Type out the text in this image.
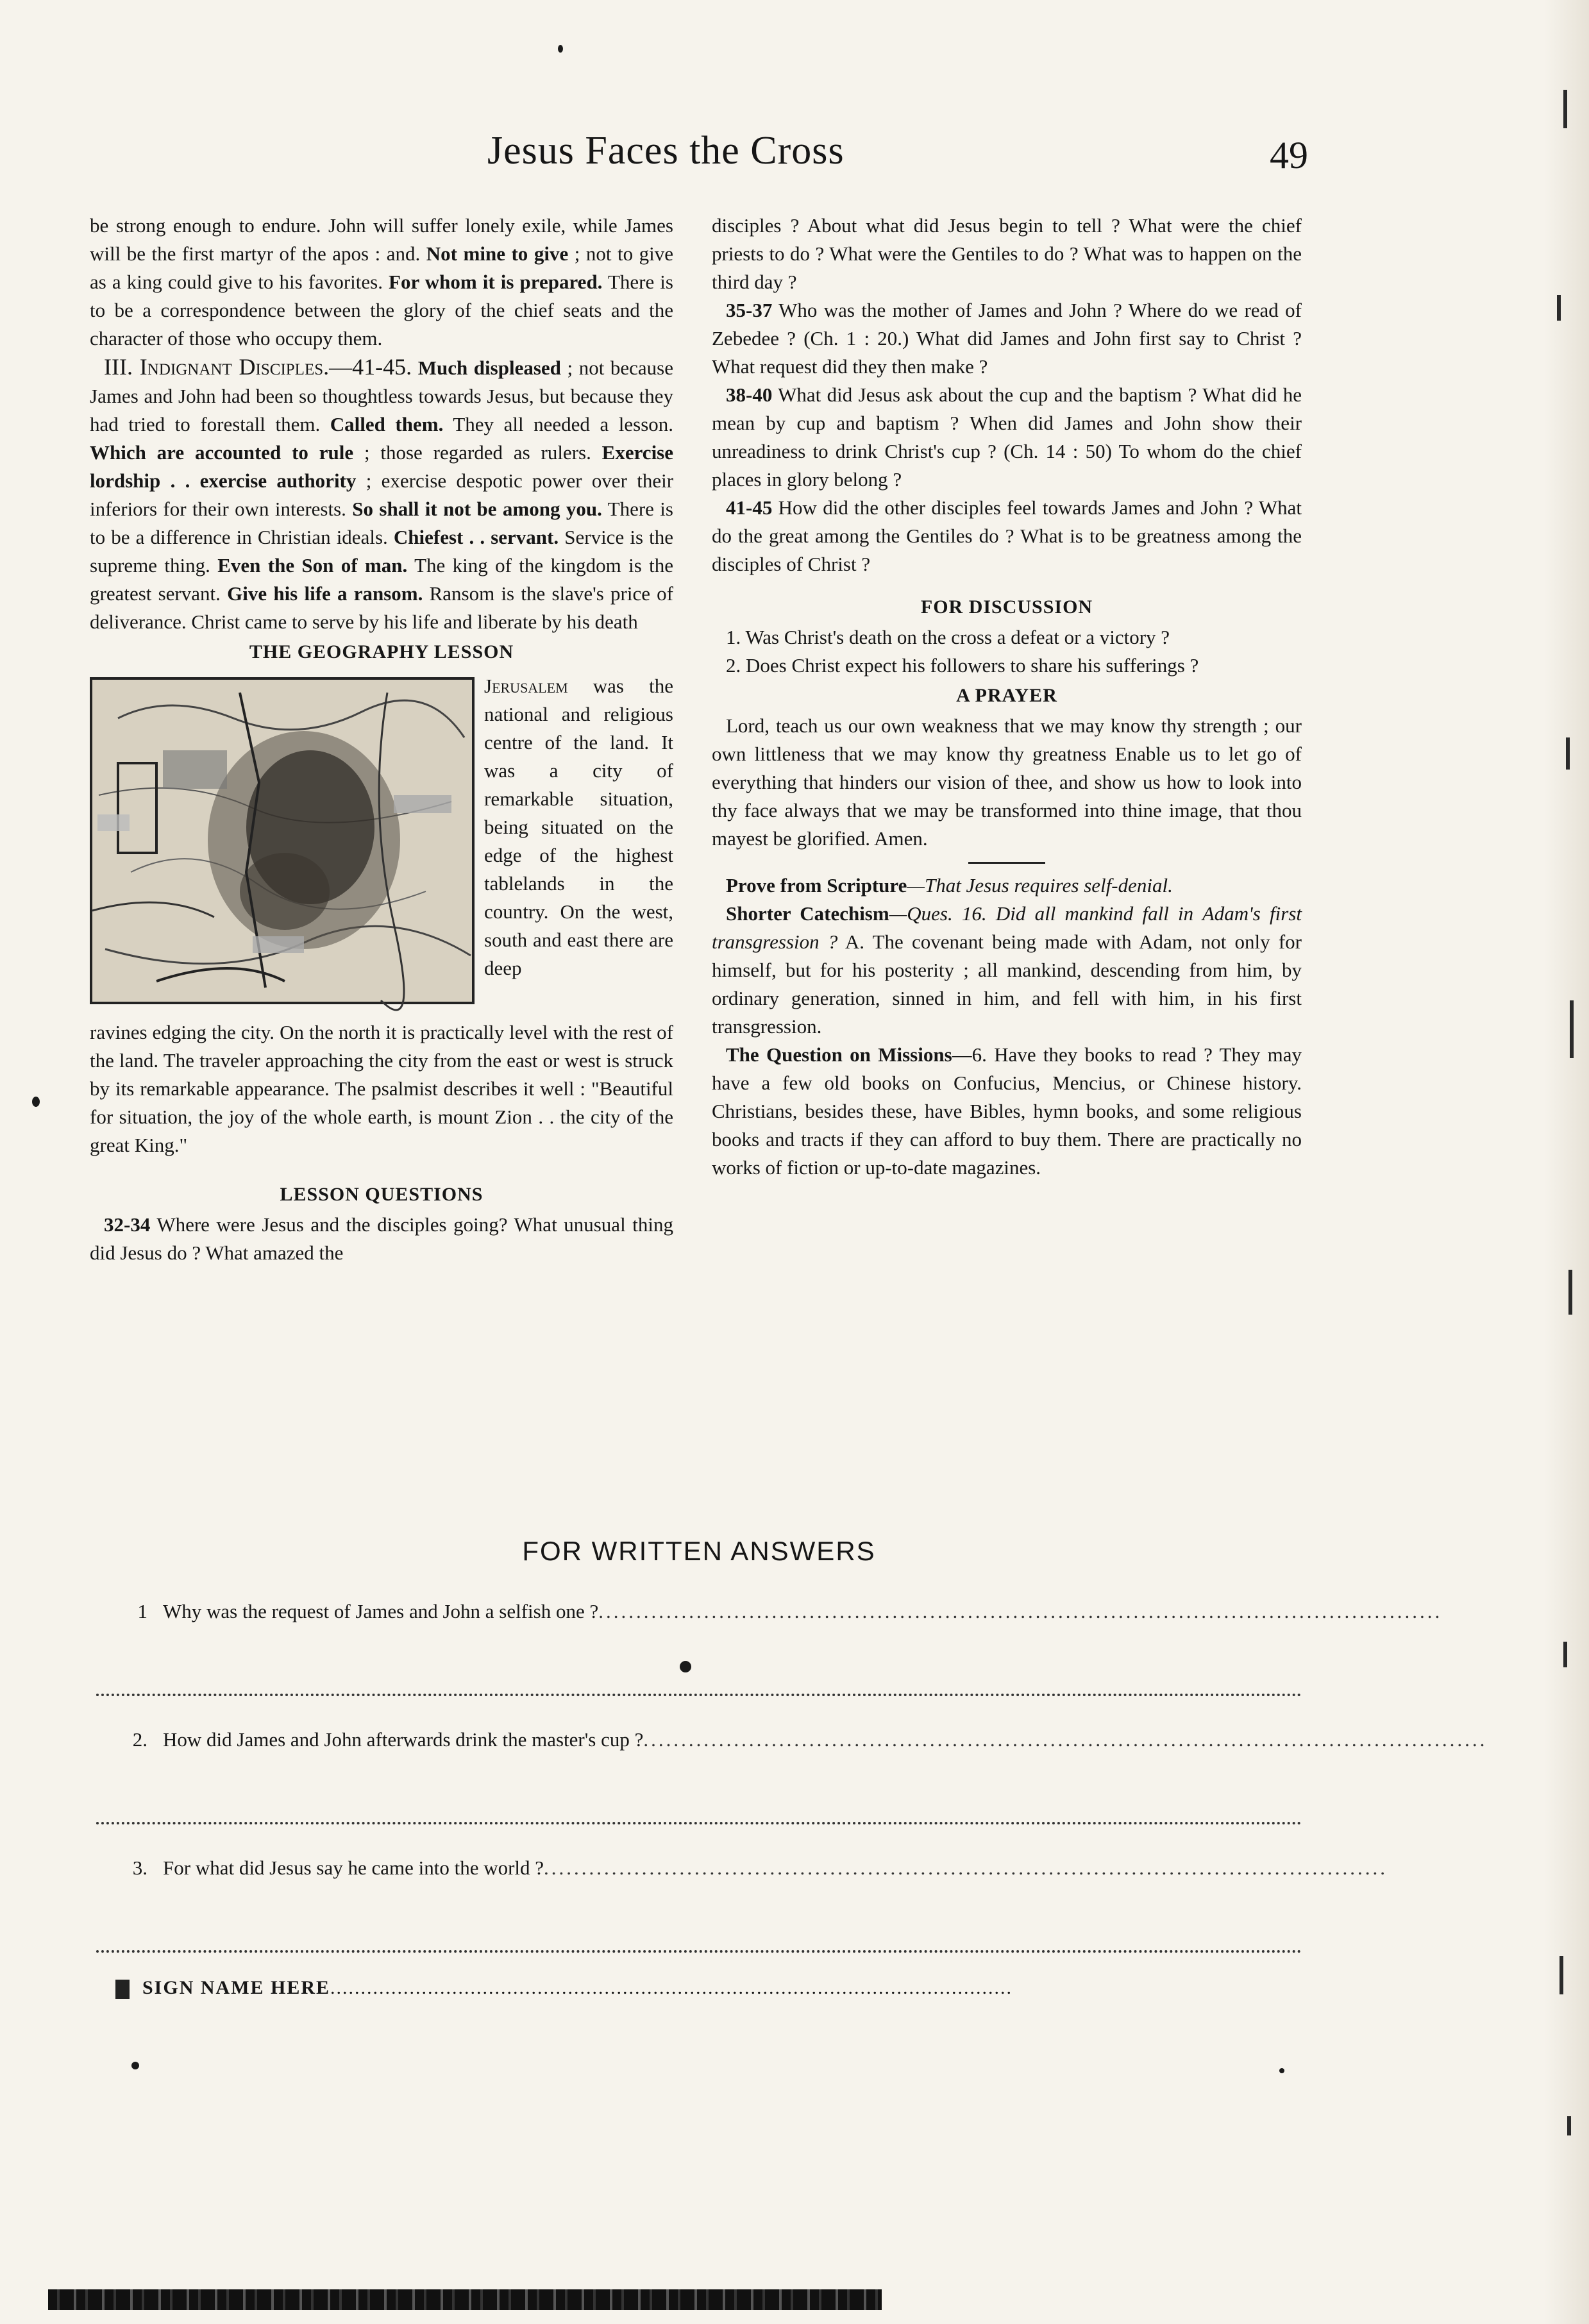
Jesus Faces the Cross	49

be strong enough to endure. John will suffer lonely exile, while James will be the first martyr of the apos : and. Not mine to give ; not to give as a king could give to his favorites. For whom it is prepared. There is to be a correspondence between the glory of the chief seats and the character of those who occupy them.

III. Indignant Disciples.—41-45. Much displeased ; not because James and John had been so thoughtless towards Jesus, but because they had tried to forestall them. Called them. They all needed a lesson. Which are accounted to rule ; those regarded as rulers. Exercise lordship . . exercise authority ; exercise despotic power over their inferiors for their own interests. So shall it not be among you. There is to be a difference in Christian ideals. Chiefest . . servant. Service is the supreme thing. Even the Son of man. The king of the kingdom is the greatest servant. Give his life a ransom. Ransom is the slave's price of deliverance. Christ came to serve by his life and liberate by his death

THE GEOGRAPHY LESSON
Jerusalem was the national and religious centre of the land. It was a city of remarkable situation, being situated on the edge of the highest tablelands in the country. On the west, south and east there are deep

ravines edging the city. On the north it is practically level with the rest of the land. The traveler approaching the city from the east or west is struck by its remarkable appearance. The psalmist describes it well : "Beautiful for situation, the joy of the whole earth, is mount Zion . . the city of the great King."

LESSON QUESTIONS

32-34 Where were Jesus and the disciples going? What unusual thing did Jesus do ? What amazed the

disciples ? About what did Jesus begin to tell ? What were the chief priests to do ? What were the Gentiles to do ? What was to happen on the third day ?

35-37 Who was the mother of James and John ? Where do we read of Zebedee ? (Ch. 1 : 20.) What did James and John first say to Christ ? What request did they then make ?

38-40 What did Jesus ask about the cup and the baptism ? What did he mean by cup and baptism ? When did James and John show their unreadiness to drink Christ's cup ? (Ch. 14 : 50) To whom do the chief places in glory belong ?

41-45 How did the other disciples feel towards James and John ? What do the great among the Gentiles do ? What is to be greatness among the disciples of Christ ?

FOR DISCUSSION

1. Was Christ's death on the cross a defeat or a victory ?

2. Does Christ expect his followers to share his sufferings ?

A PRAYER

Lord, teach us our own weakness that we may know thy strength ; our own littleness that we may know thy greatness Enable us to let go of everything that hinders our vision of thee, and show us how to look into thy face always that we may be transformed into thine image, that thou mayest be glorified. Amen.

Prove from Scripture—That Jesus requires self-denial.

Shorter Catechism—Ques. 16. Did all mankind fall in Adam's first transgression ? A. The covenant being made with Adam, not only for himself, but for his posterity ; all mankind, descending from him, by ordinary generation, sinned in him, and fell with him, in his first transgression.

The Question on Missions—6. Have they books to read ? They may have a few old books on Confucius, Mencius, or Chinese history. Christians, besides these, have Bibles, hymn books, and some religious books and tracts if they can afford to buy them. There are practically no works of fiction or up-to-date magazines.

FOR WRITTEN ANSWERS
1 Why was the request of James and John a selfish one ?................................................................................................................
2. How did James and John afterwards drink the master's cup ?................................................................................................................
3. For what did Jesus say he came into the world ?................................................................................................................
SIGN NAME HERE................................................................................................................
